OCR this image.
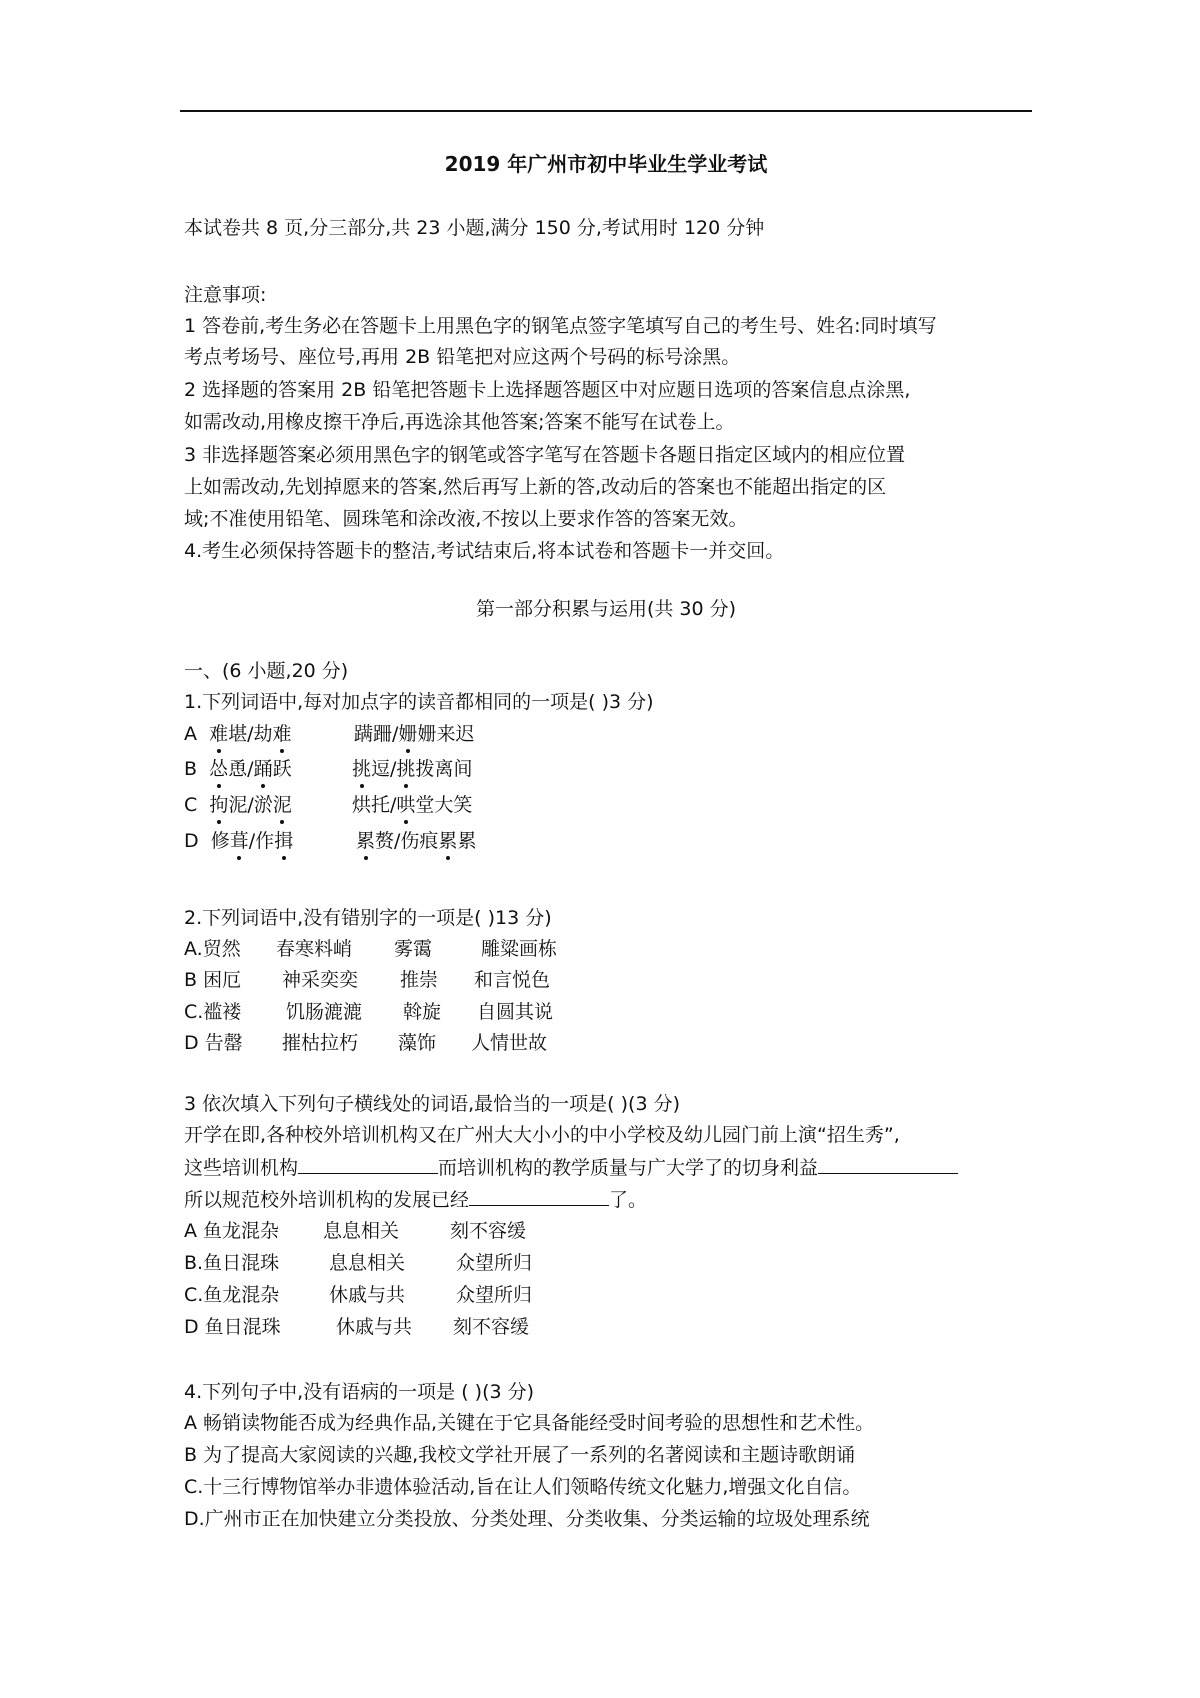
2019 年广州市初中毕业生学业考试
本试卷共 8 页,分三部分,共 23 小题,满分 150 分,考试用时 120 分钟
注意事项:
1 答卷前,考生务必在答题卡上用黑色字的钢笔点签字笔填写自己的考生号、姓名:同时填写
考点考场号、座位号,再用 2B 铅笔把对应这两个号码的标号涂黑。
2 选择题的答案用 2B 铅笔把答题卡上选择题答题区中对应题日选项的答案信息点涂黑,
如需改动,用橡皮擦干净后,再选涂其他答案;答案不能写在试卷上。
3 非选择题答案必须用黑色字的钢笔或答字笔写在答题卡各题日指定区域内的相应位置
上如需改动,先划掉愿来的答案,然后再写上新的答,改动后的答案也不能超出指定的区
域;不准使用铅笔、圆珠笔和涂改液,不按以上要求作答的答案无效。
4.考生必须保持答题卡的整洁,考试结束后,将本试卷和答题卡一并交回。
第一部分积累与运用(共 30 分)
一、(6 小题,20 分)
1.下列词语中,每对加点字的读音都相同的一项是( )3 分)
A 难堪/劫难	蹒跚/姗姗来迟
B 怂恿/踊跃	挑逗/挑拨离间
C 拘泥/淤泥	烘托/哄堂大笑
D 修葺/作揖	累赘/伤痕累累
2.下列词语中,没有错别字的一项是( )13 分)
A.贸然 春寒料峭 雾霭	雕粱画栋
B 困厄 神采奕奕 推崇 和言悦色
C.褴褛 饥肠漉漉 斡旋 自圆其说
D 告罄 摧枯拉朽 藻饰 人情世故
3 依次填入下列句子横线处的词语,最恰当的一项是( )(3 分)
开学在即,各种校外培训机构又在广州大大小小的中小学校及幼儿园门前上演“招生秀”,
这些培训机构	而培训机构的教学质量与广大学了的切身利益
所以规范校外培训机构的发展已经	了。
A 鱼龙混杂 息息相关	刻不容缓
B.鱼日混珠	息息相关	众望所归
C.鱼龙混杂	休戚与共	众望所归
D 鱼日混珠	休戚与共 刻不容缓
4.下列句子中,没有语病的一项是 ( )(3 分)
A 畅销读物能否成为经典作品,关键在于它具备能经受时间考验的思想性和艺术性。
B 为了提高大家阅读的兴趣,我校文学社开展了一系列的名著阅读和主题诗歌朗诵
C.十三行博物馆举办非遗体验活动,旨在让人们领略传统文化魅力,增强文化自信。
D.广州市正在加快建立分类投放、分类处理、分类收集、分类运输的垃圾处理系统
